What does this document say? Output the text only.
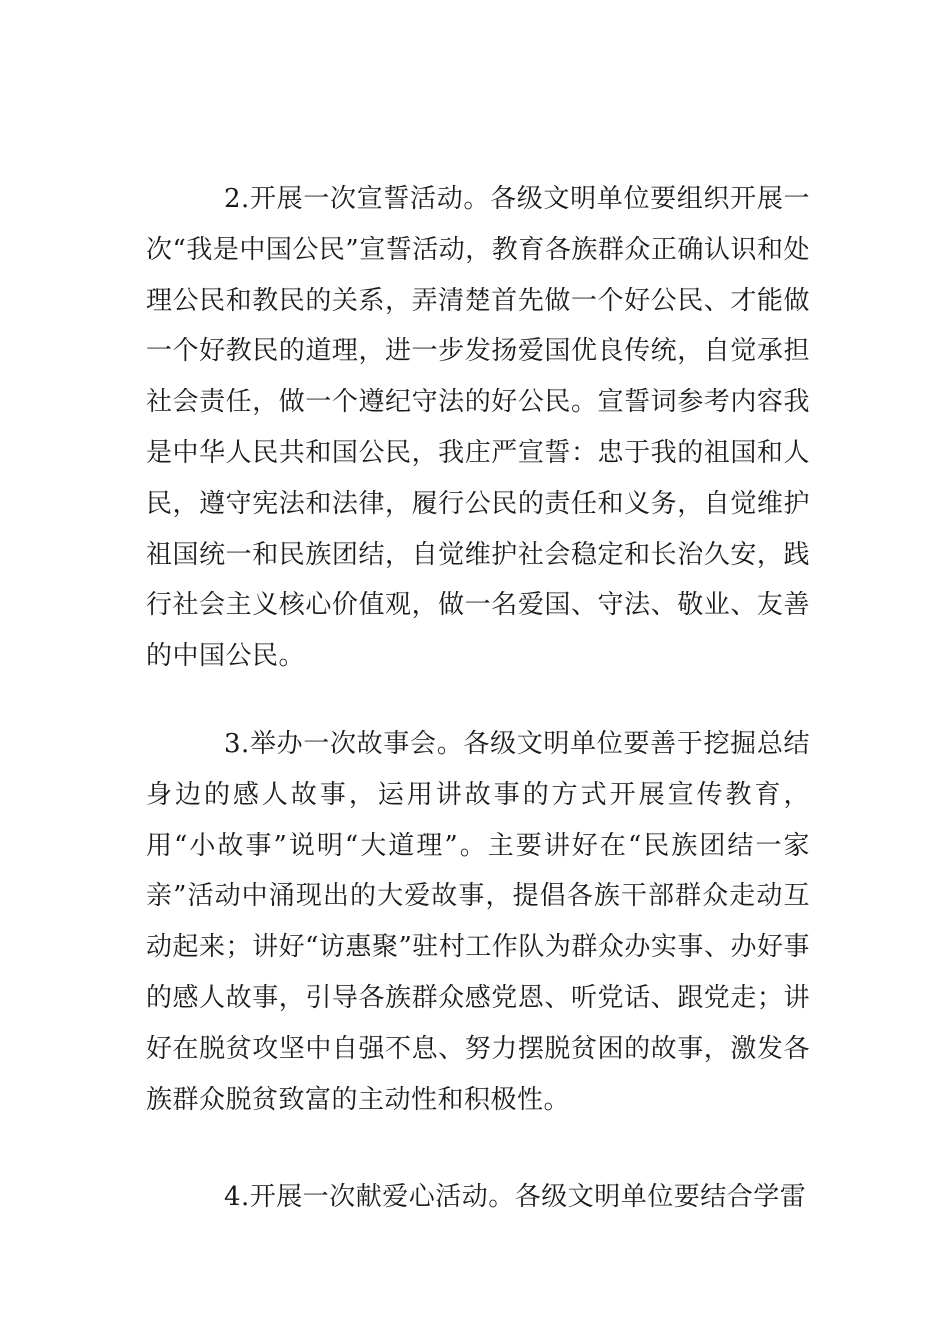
2.开展一次宣誓活动。各级文明单位要组织开展一次“我是中国公民”宣誓活动，教育各族群众正确认识和处理公民和教民的关系，弄清楚首先做一个好公民、才能做一个好教民的道理，进一步发扬爱国优良传统，自觉承担社会责任，做一个遵纪守法的好公民。宣誓词参考内容我是中华人民共和国公民，我庄严宣誓：忠于我的祖国和人民，遵守宪法和法律，履行公民的责任和义务，自觉维护祖国统一和民族团结，自觉维护社会稳定和长治久安，践行社会主义核心价值观，做一名爱国、守法、敬业、友善的中国公民。

3.举办一次故事会。各级文明单位要善于挖掘总结身边的感人故事，运用讲故事的方式开展宣传教育，用“小故事”说明“大道理”。主要讲好在“民族团结一家亲”活动中涌现出的大爱故事，提倡各族干部群众走动互动起来；讲好“访惠聚”驻村工作队为群众办实事、办好事的感人故事，引导各族群众感党恩、听党话、跟党走；讲好在脱贫攻坚中自强不息、努力摆脱贫困的故事，激发各族群众脱贫致富的主动性和积极性。

4.开展一次献爱心活动。各级文明单位要结合学雷
